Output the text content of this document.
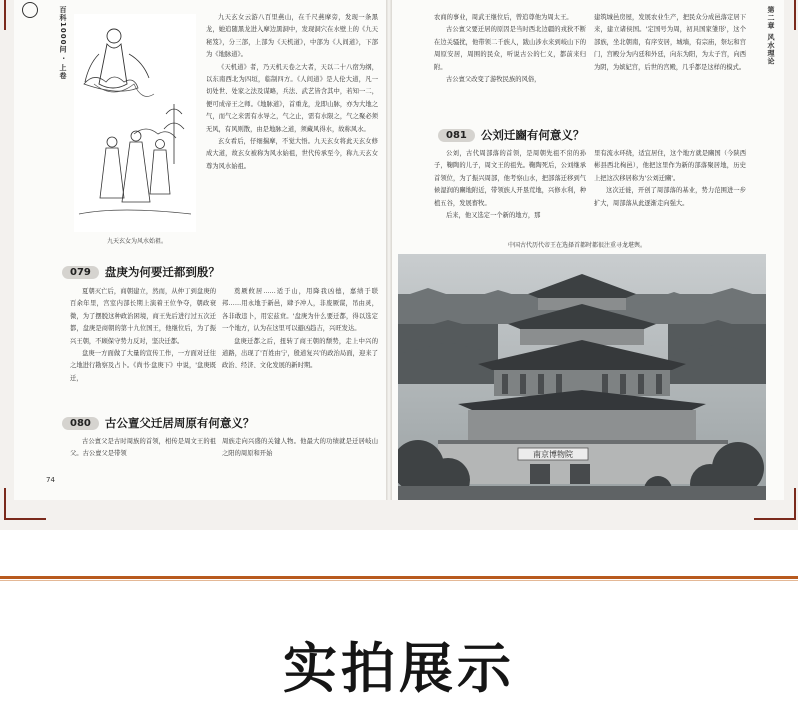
百科1000问 · 上卷
九天玄女为风水始祖。

九天玄女云游八百里燕山，在千尺燕摩旁，发现一条黑龙，她追随黑龙进入摩边黑洞中，发现洞穴在水壁上的《九天秘笈》，分三部，上部为《天机道》，中部为《人间道》，下部为《地脉道》。

《天机道》者，乃天机天卷之大者，天以二十八宿为纲，以东南西北为四垣，临制四方。《人间道》是人伦大道，凡一切处世、处家之法及谋略，兵法、武艺皆含其中，若知一二，便可成帝王之师。《地脉道》，首重龙，龙即山脉，亦为大地之气，而气之来需有水导之，气之止，需有水限之，气之聚必须无风，有风则散，由是地脉之道，须藏风得水，故称风水。

玄女看后，仔细揣摩，不觉大悟。九天玄女将此天玄女修成大道，故玄女被称为风水始祖，世代传承至今，称九天玄女尊为风水始祖。

079	盘庚为何要迁都到殷？

夏朝灭亡后，商朝建立，然而，从仲丁到盘庚的百余年里，宫室内部长期上演着王位争夺，朝政衰微，为了摆脱这种政治困境，商王先后进行过五次迁都，盘庚是商朝的第十九位国王，他继位后，为了振兴王朝，不顾保守势力反对，坚决迁都。

盘庚一方面做了大量的宣传工作，一方面对迁往之地进行勘察及占卜。《尚书·盘庚下》中说，'盘庚既迁，

奠厥攸居……适于山，用降我凶德，嘉绩于联邦……用永地于新邑，肆予冲人，非废厥谋，吊由灵，各非敢违卜，用宏兹贲。'盘庚为什么要迁都，得以选定一个地方，认为在这里可以避凶趋吉，兴旺发达。

盘庚迁都之后，扭转了商王朝的颓势，走上中兴的道路，出现了'百姓由宁，殷道复兴'的政治局面，迎来了政治、经济、文化发展的新时期。

080	古公亶父迁居周原有何意义？

古公亶父是古时周族的首领，相传是周文王的祖父。古公亶父是带领

周族走向兴盛的关键人物。他最大的功绩就是迁居岐山之阳的周原和开始

74
第二章 风水理论

农商的事业，周武王继位后，曾追尊他为周太王。

古公亶父要迁居的原因是当时西北边疆的戎狄不断在边关骚扰，他带领二千族人，跋山涉水来到岐山下的周原安居，周围的民众，听说古公的仁义，都前来归附。

古公亶父改变了游牧民族的风俗，

建筑城邑房屋，发展农业生产，把民众分成邑落定居下来，建立诸侯国。'定国号为周，初具国家雏形'，这个部族，坐北朝南，有序安居，城墙，有宗庙，祭坛和宫门，宫殿分为内廷和外廷，向东为阳，为太子宫，向西为阴，为嫔妃宫，后世的宫殿，几乎都是这样的模式。

081	公刘迁豳有何意义？

公刘，古代周部落的首领，是周朝先祖不窋的孙子，鞠陶的儿子，周文王的祖先。鞠陶死后，公刘继承首领位，为了振兴周部，他考察山水，把部落迁移到气候湿润的豳地附近，带领族人开垦荒地，兴修水利，种植五谷，发展畜牧。

后来，他又选定一个新的地方，那

里有流水环绕，适宜居住，这个地方就是豳国（今陕西彬县西北栒邑），他把这里作为新的部落聚居地，历史上把这次移居称为'公刘迁豳'。

这次迁徙，开创了周部落的基业，势力范围进一步扩大，周部落从此逐渐走向强大。

中国古代历代帝王在选择首都时都很注重寻龙堪舆。
南京博物院
实拍展示
